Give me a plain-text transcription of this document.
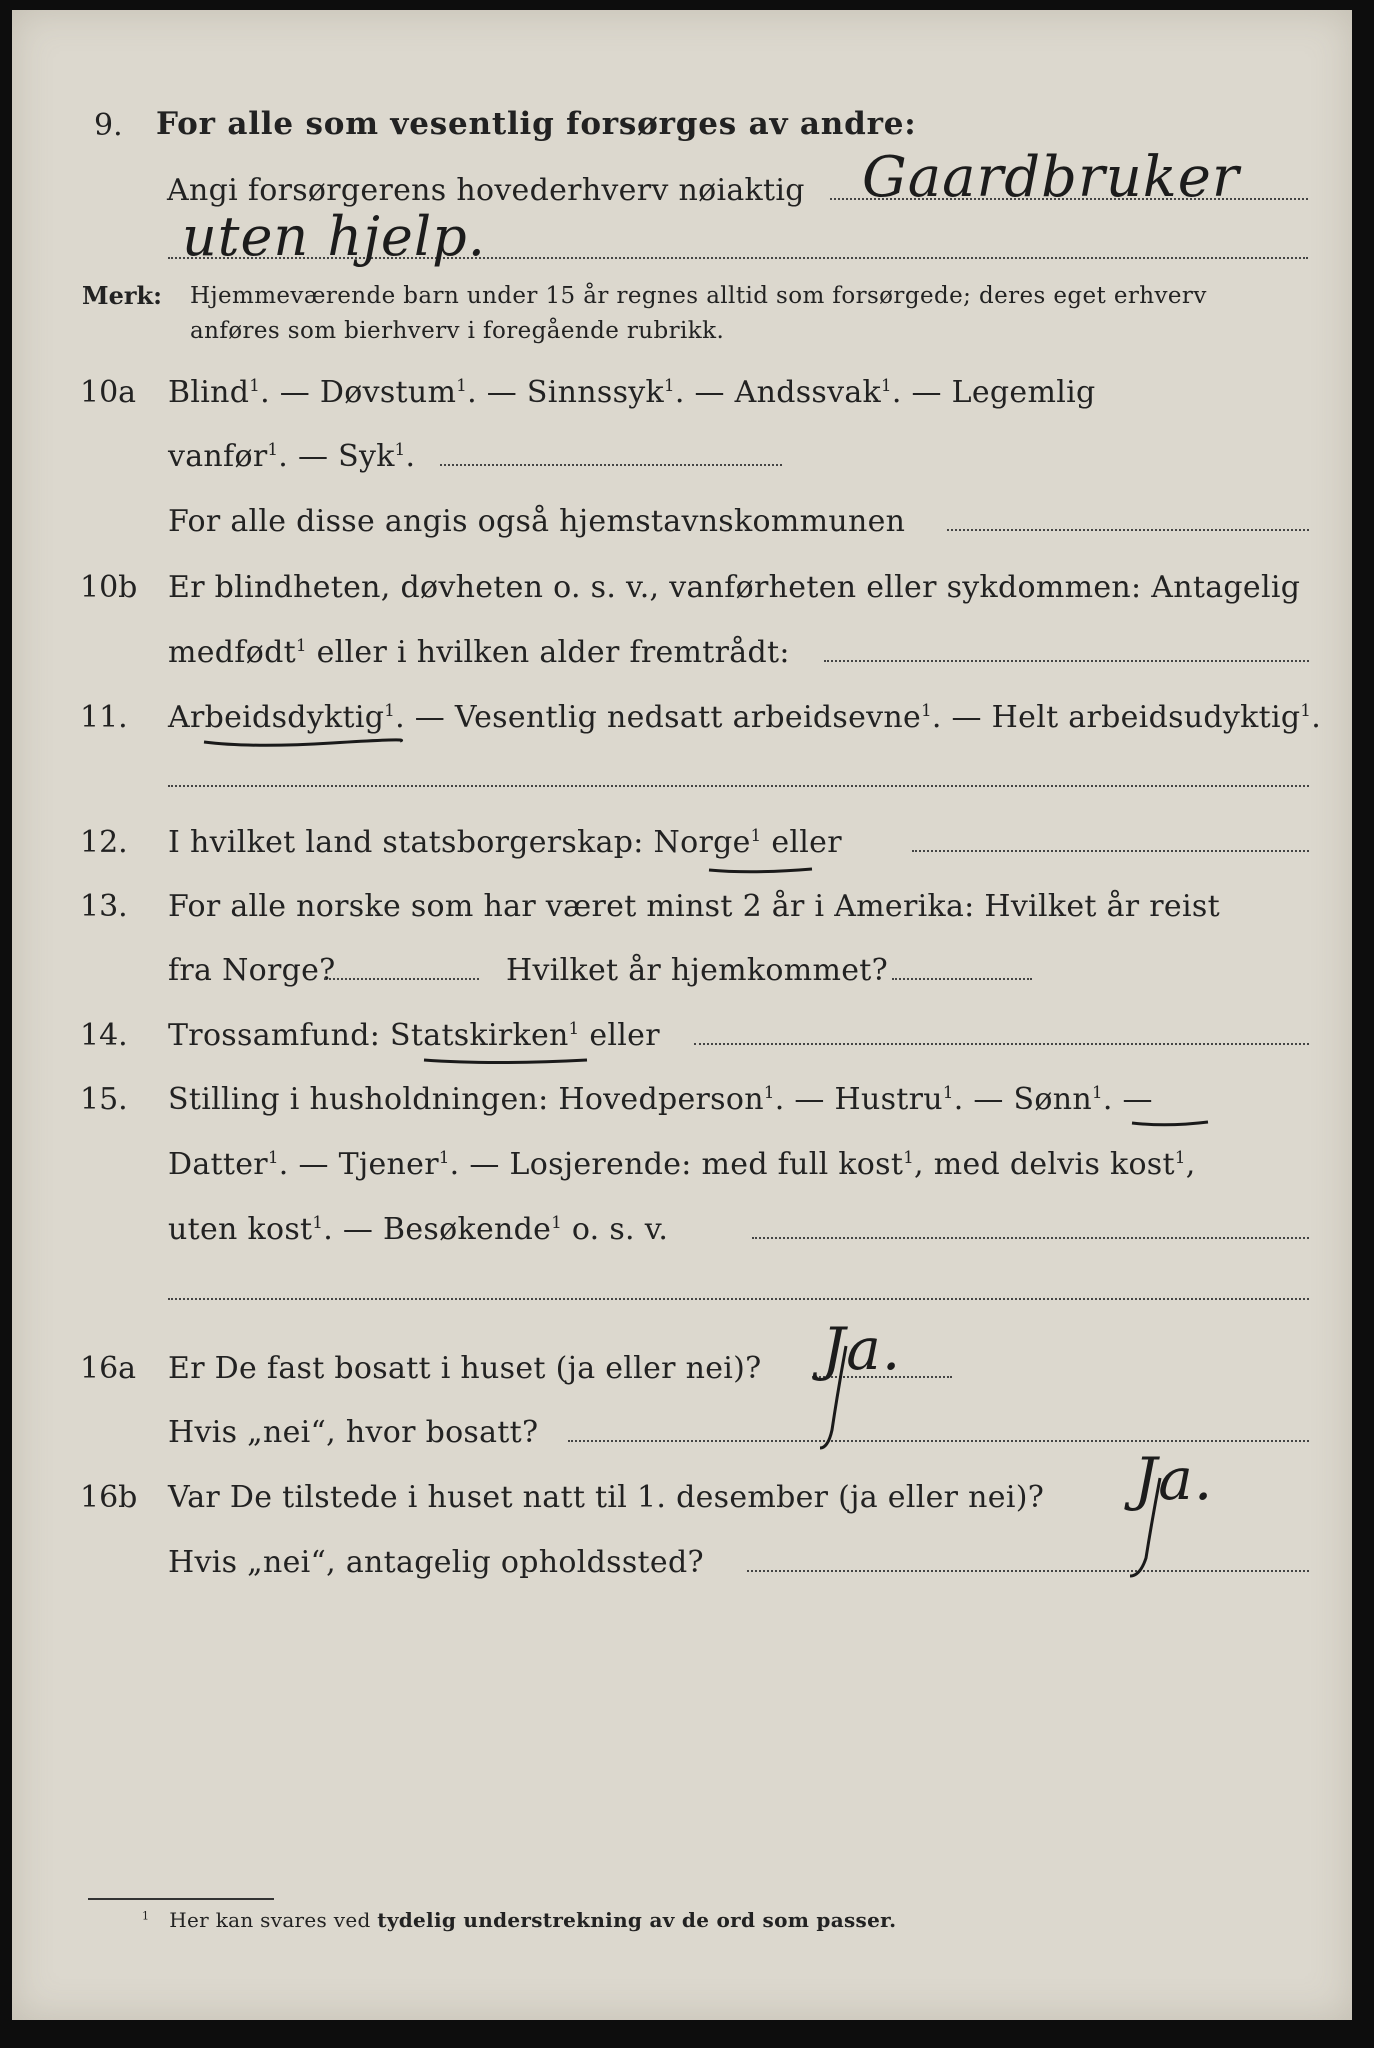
9. For alle som vesentlig forsørges av andre:
Angi forsørgerens hovederhverv nøiaktig Gaardbruker
uten hjelp.
Merk: Hjemmeværende barn under 15 år regnes alltid som forsørgede; deres eget erhverv
anføres som bierhverv i foregående rubrikk.
10a Blind$^1$. — Døvstum$^1$. — Sinnssyk$^1$. — Andssvak$^1$. — Legemlig
vanfør$^1$. — Syk$^1$.
For alle disse angis også hjemstavnskommunen
10b Er blindheten, døvheten o. s. v., vanførheten eller sykdommen: Antagelig
medfødt$^1$ eller i hvilken alder fremtrådt:
11. Arbeidsdyktig$^1$. — Vesentlig nedsatt arbeidsevne$^1$. — Helt arbeidsudyktig$^1$.
12. I hvilket land statsborgerskap: Norge$^1$ eller
13. For alle norske som har været minst 2 år i Amerika: Hvilket år reist
fra Norge?	Hvilket år hjemkommet?
14. Trossamfund: Statskirken$^1$ eller
15. Stilling i husholdningen: Hovedperson$^1$. — Hustru$^1$. — Sønn$^1$. —
Datter$^1$. — Tjener$^1$. — Losjerende: med full kost$^1$, med delvis kost$^1$,
uten kost$^1$. — Besøkende$^1$ o. s. v.
16a Er De fast bosatt i huset (ja eller nei)? Ja.
Hvis „nei“, hvor bosatt?
16b Var De tilstede i huset natt til 1. desember (ja eller nei)? Ja.
Hvis „nei“, antagelig opholdssted?
$^1$ Her kan svares ved tydelig understrekning av de ord som passer.
